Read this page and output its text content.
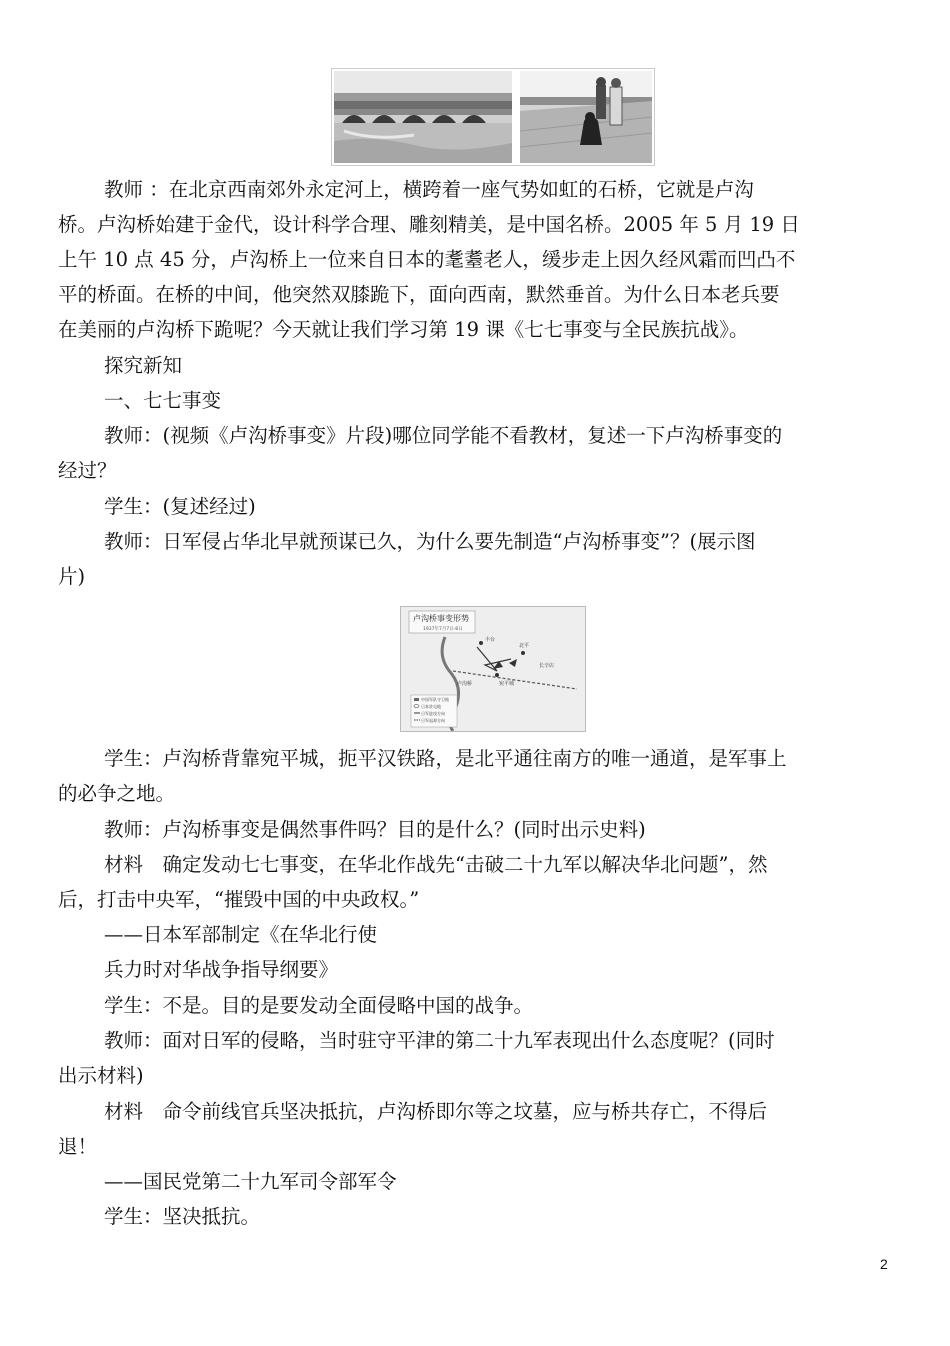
教师 ：在北京西南郊外永定河上，横跨着一座气势如虹的石桥，它就是卢沟
桥。卢沟桥始建于金代，设计科学合理、雕刻精美，是中国名桥。2005 年 5 月 19 日
上午 10 点 45 分，卢沟桥上一位来自日本的耄耋老人，缓步走上因久经风霜而凹凸不
平的桥面。在桥的中间，他突然双膝跪下，面向西南，默然垂首。为什么日本老兵要
在美丽的卢沟桥下跪呢？今天就让我们学习第 19 课《七七事变与全民族抗战》。
探究新知
一、七七事变
教师：(视频《卢沟桥事变》片段)哪位同学能不看教材，复述一下卢沟桥事变的
经过？
学生：(复述经过)
教师：日军侵占华北早就预谋已久，为什么要先制造“卢沟桥事变”？(展示图
片)
卢沟桥事变形势
1937年7月7日-8日
丰台
北平
宛平城
卢沟桥
长辛店
中国军队守卫地
日本驻屯地
日军进攻方向
日军退却方向
学生：卢沟桥背靠宛平城，扼平汉铁路，是北平通往南方的唯一通道，是军事上
的必争之地。
教师：卢沟桥事变是偶然事件吗？目的是什么？(同时出示史料)
材料　确定发动七七事变，在华北作战先“击破二十九军以解决华北问题”，然
后，打击中央军，“摧毁中国的中央政权。”
——日本军部制定《在华北行使
兵力时对华战争指导纲要》
学生：不是。目的是要发动全面侵略中国的战争。
教师：面对日军的侵略，当时驻守平津的第二十九军表现出什么态度呢？(同时
出示材料)
材料　命令前线官兵坚决抵抗，卢沟桥即尔等之坟墓，应与桥共存亡，不得后
退！
——国民党第二十九军司令部军令
学生：坚决抵抗。
2
